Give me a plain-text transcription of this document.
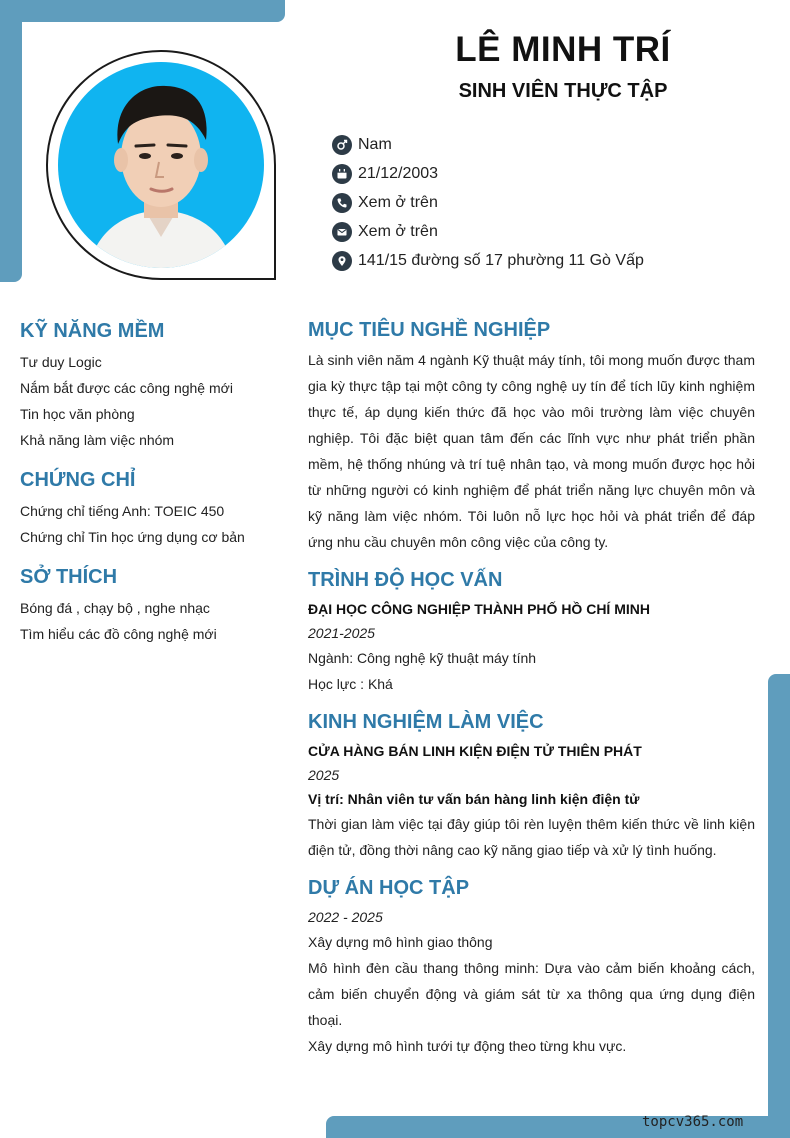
LÊ MINH TRÍ
SINH VIÊN THỰC TẬP
Nam
21/12/2003
Xem ở trên
Xem ở trên
141/15 đường số 17 phường 11 Gò Vấp
KỸ NĂNG MỀM
Tư duy Logic
Nắm bắt được các công nghệ mới
Tin học văn phòng
Khả năng làm việc nhóm
CHỨNG CHỈ
Chứng chỉ tiếng Anh: TOEIC 450
Chứng chỉ Tin học ứng dụng cơ bản
SỞ THÍCH
Bóng đá , chạy bộ , nghe nhạc
Tìm hiểu các đồ công nghệ mới
MỤC TIÊU NGHỀ NGHIỆP
Là sinh viên năm 4 ngành Kỹ thuật máy tính, tôi mong muốn được tham gia kỳ thực tập tại một công ty công nghệ uy tín để tích lũy kinh nghiệm thực tế, áp dụng kiến thức đã học vào môi trường làm việc chuyên nghiệp. Tôi đặc biệt quan tâm đến các lĩnh vực như phát triển phần mềm, hệ thống nhúng và trí tuệ nhân tạo, và mong muốn được học hỏi từ những người có kinh nghiệm để phát triển năng lực chuyên môn và kỹ năng làm việc nhóm. Tôi luôn nỗ lực học hỏi và phát triển để đáp ứng nhu cầu chuyên môn công việc của công ty.
TRÌNH ĐỘ HỌC VẤN
ĐẠI HỌC CÔNG NGHIỆP THÀNH PHỐ HỒ CHÍ MINH
2021-2025
Ngành: Công nghệ kỹ thuật máy tính
Học lực : Khá
KINH NGHIỆM LÀM VIỆC
CỬA HÀNG BÁN LINH KIỆN ĐIỆN TỬ THIÊN PHÁT
2025
Vị trí: Nhân viên tư vấn bán hàng linh kiện điện tử
Thời gian làm việc tại đây giúp tôi rèn luyện thêm kiến thức về linh kiện điện tử, đồng thời nâng cao kỹ năng giao tiếp và xử lý tình huống.
DỰ ÁN HỌC TẬP
2022 - 2025
Xây dựng mô hình giao thông
Mô hình đèn cầu thang thông minh: Dựa vào cảm biến khoảng cách, cảm biến chuyển động và giám sát từ xa thông qua ứng dụng điện thoại.
Xây dựng mô hình tưới tự động theo từng khu vực.
topcv365.com
